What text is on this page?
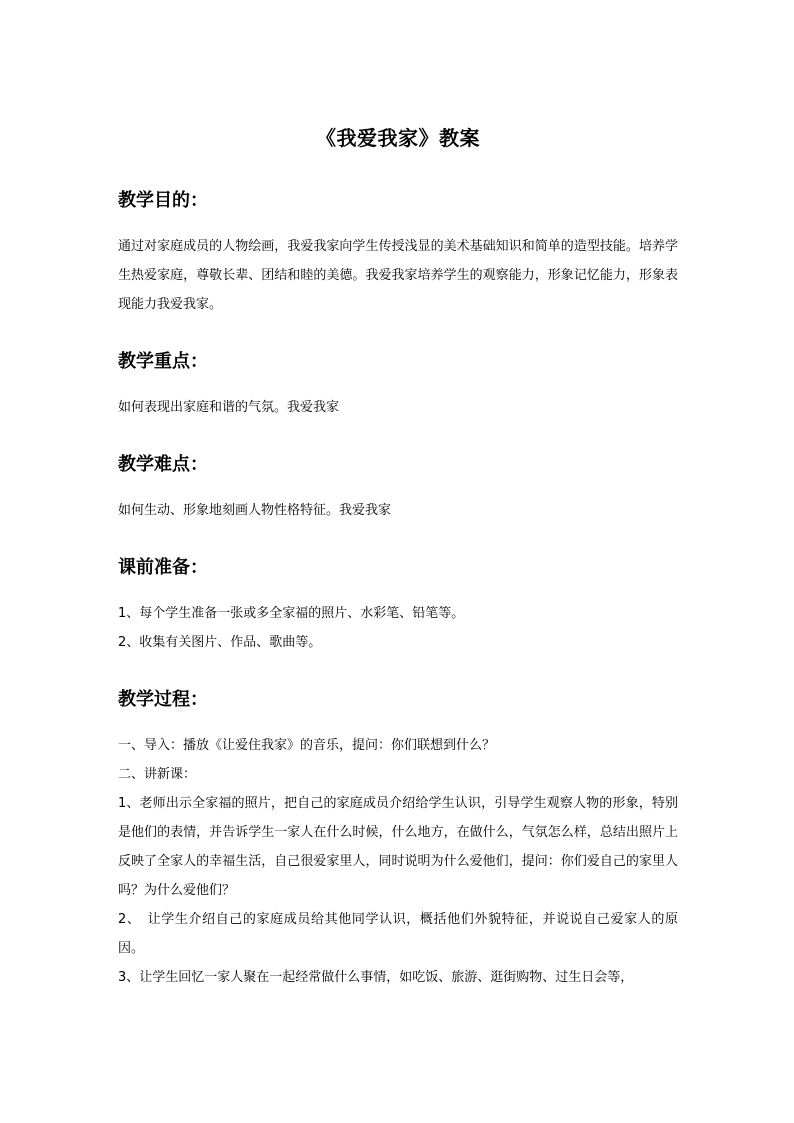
《我爱我家》教案
教学目的：

通过对家庭成员的人物绘画，我爱我家向学生传授浅显的美术基础知识和简单的造型技能。培养学生热爱家庭，尊敬长辈、团结和睦的美德。我爱我家培养学生的观察能力，形象记忆能力，形象表现能力我爱我家。

教学重点：

如何表现出家庭和谐的气氛。我爱我家

教学难点：

如何生动、形象地刻画人物性格特征。我爱我家

课前准备：

1、每个学生准备一张或多全家福的照片、水彩笔、铅笔等。

2、收集有关图片、作品、歌曲等。

教学过程：

一、导入：播放《让爱住我家》的音乐，提问：你们联想到什么？

二、讲新课：

1、老师出示全家福的照片，把自己的家庭成员介绍给学生认识，引导学生观察人物的形象，特别是他们的表情，并告诉学生一家人在什么时候，什么地方，在做什么，气氛怎么样，总结出照片上反映了全家人的幸福生活，自己很爱家里人，同时说明为什么爱他们，提问：你们爱自己的家里人吗？为什么爱他们？

2、　让学生介绍自己的家庭成员给其他同学认识，概括他们外貌特征，并说说自己爱家人的原因。

3、让学生回忆一家人聚在一起经常做什么事情，如吃饭、旅游、逛街购物、过生日会等，
